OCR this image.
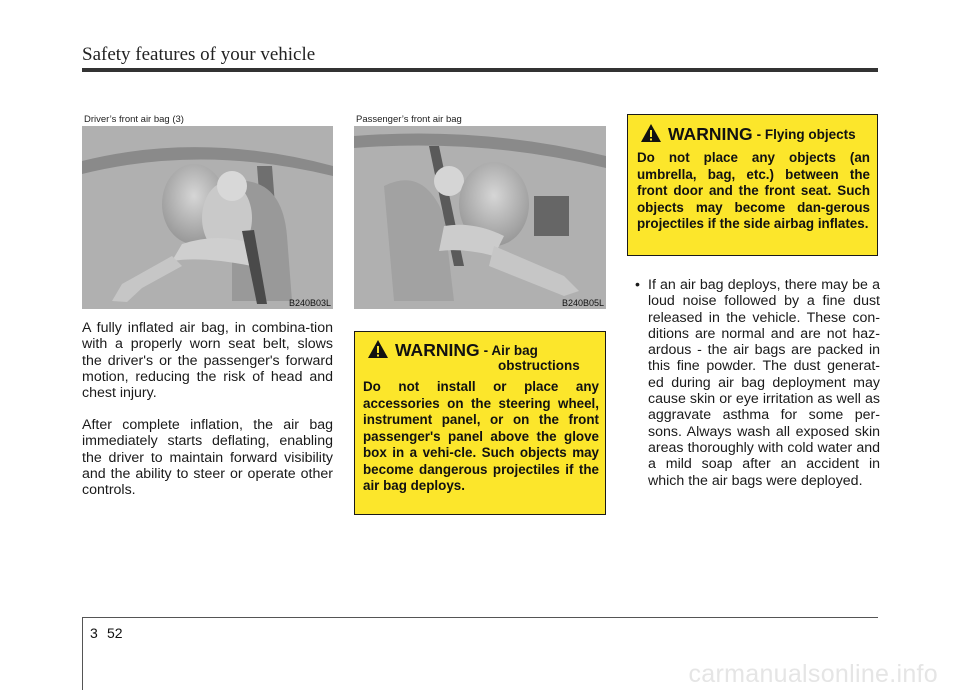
Safety features of your vehicle
Driver’s front air bag (3)
B240B03L
Passenger’s front air bag
B240B05L
A fully inflated air bag, in combina-tion with a properly worn seat belt, slows the driver's or the passenger's forward motion, reducing the risk of head and chest injury.
After complete inflation, the air bag immediately starts deflating, enabling the driver to maintain forward visibility and the ability to steer or operate other controls.
WARNING - Air bag
obstructions
Do not install or place any accessories on the steering wheel, instrument panel, or on the front passenger's panel above the glove box in a vehi-cle. Such objects may become dangerous projectiles if the air bag deploys.
WARNING - Flying objects
Do not place any objects (an umbrella, bag, etc.) between the front door and the front seat. Such objects may become dan-gerous projectiles if the side airbag inflates.
• If an air bag deploys, there may be a loud noise followed by a fine dust released in the vehicle. These con-ditions are normal and are not haz-ardous - the air bags are packed in this fine powder. The dust generat-ed during air bag deployment may cause skin or eye irritation as well as aggravate asthma for some per-sons. Always wash all exposed skin areas thoroughly with cold water and a mild soap after an accident in which the air bags were deployed.
3 52
carmanualsonline.info
